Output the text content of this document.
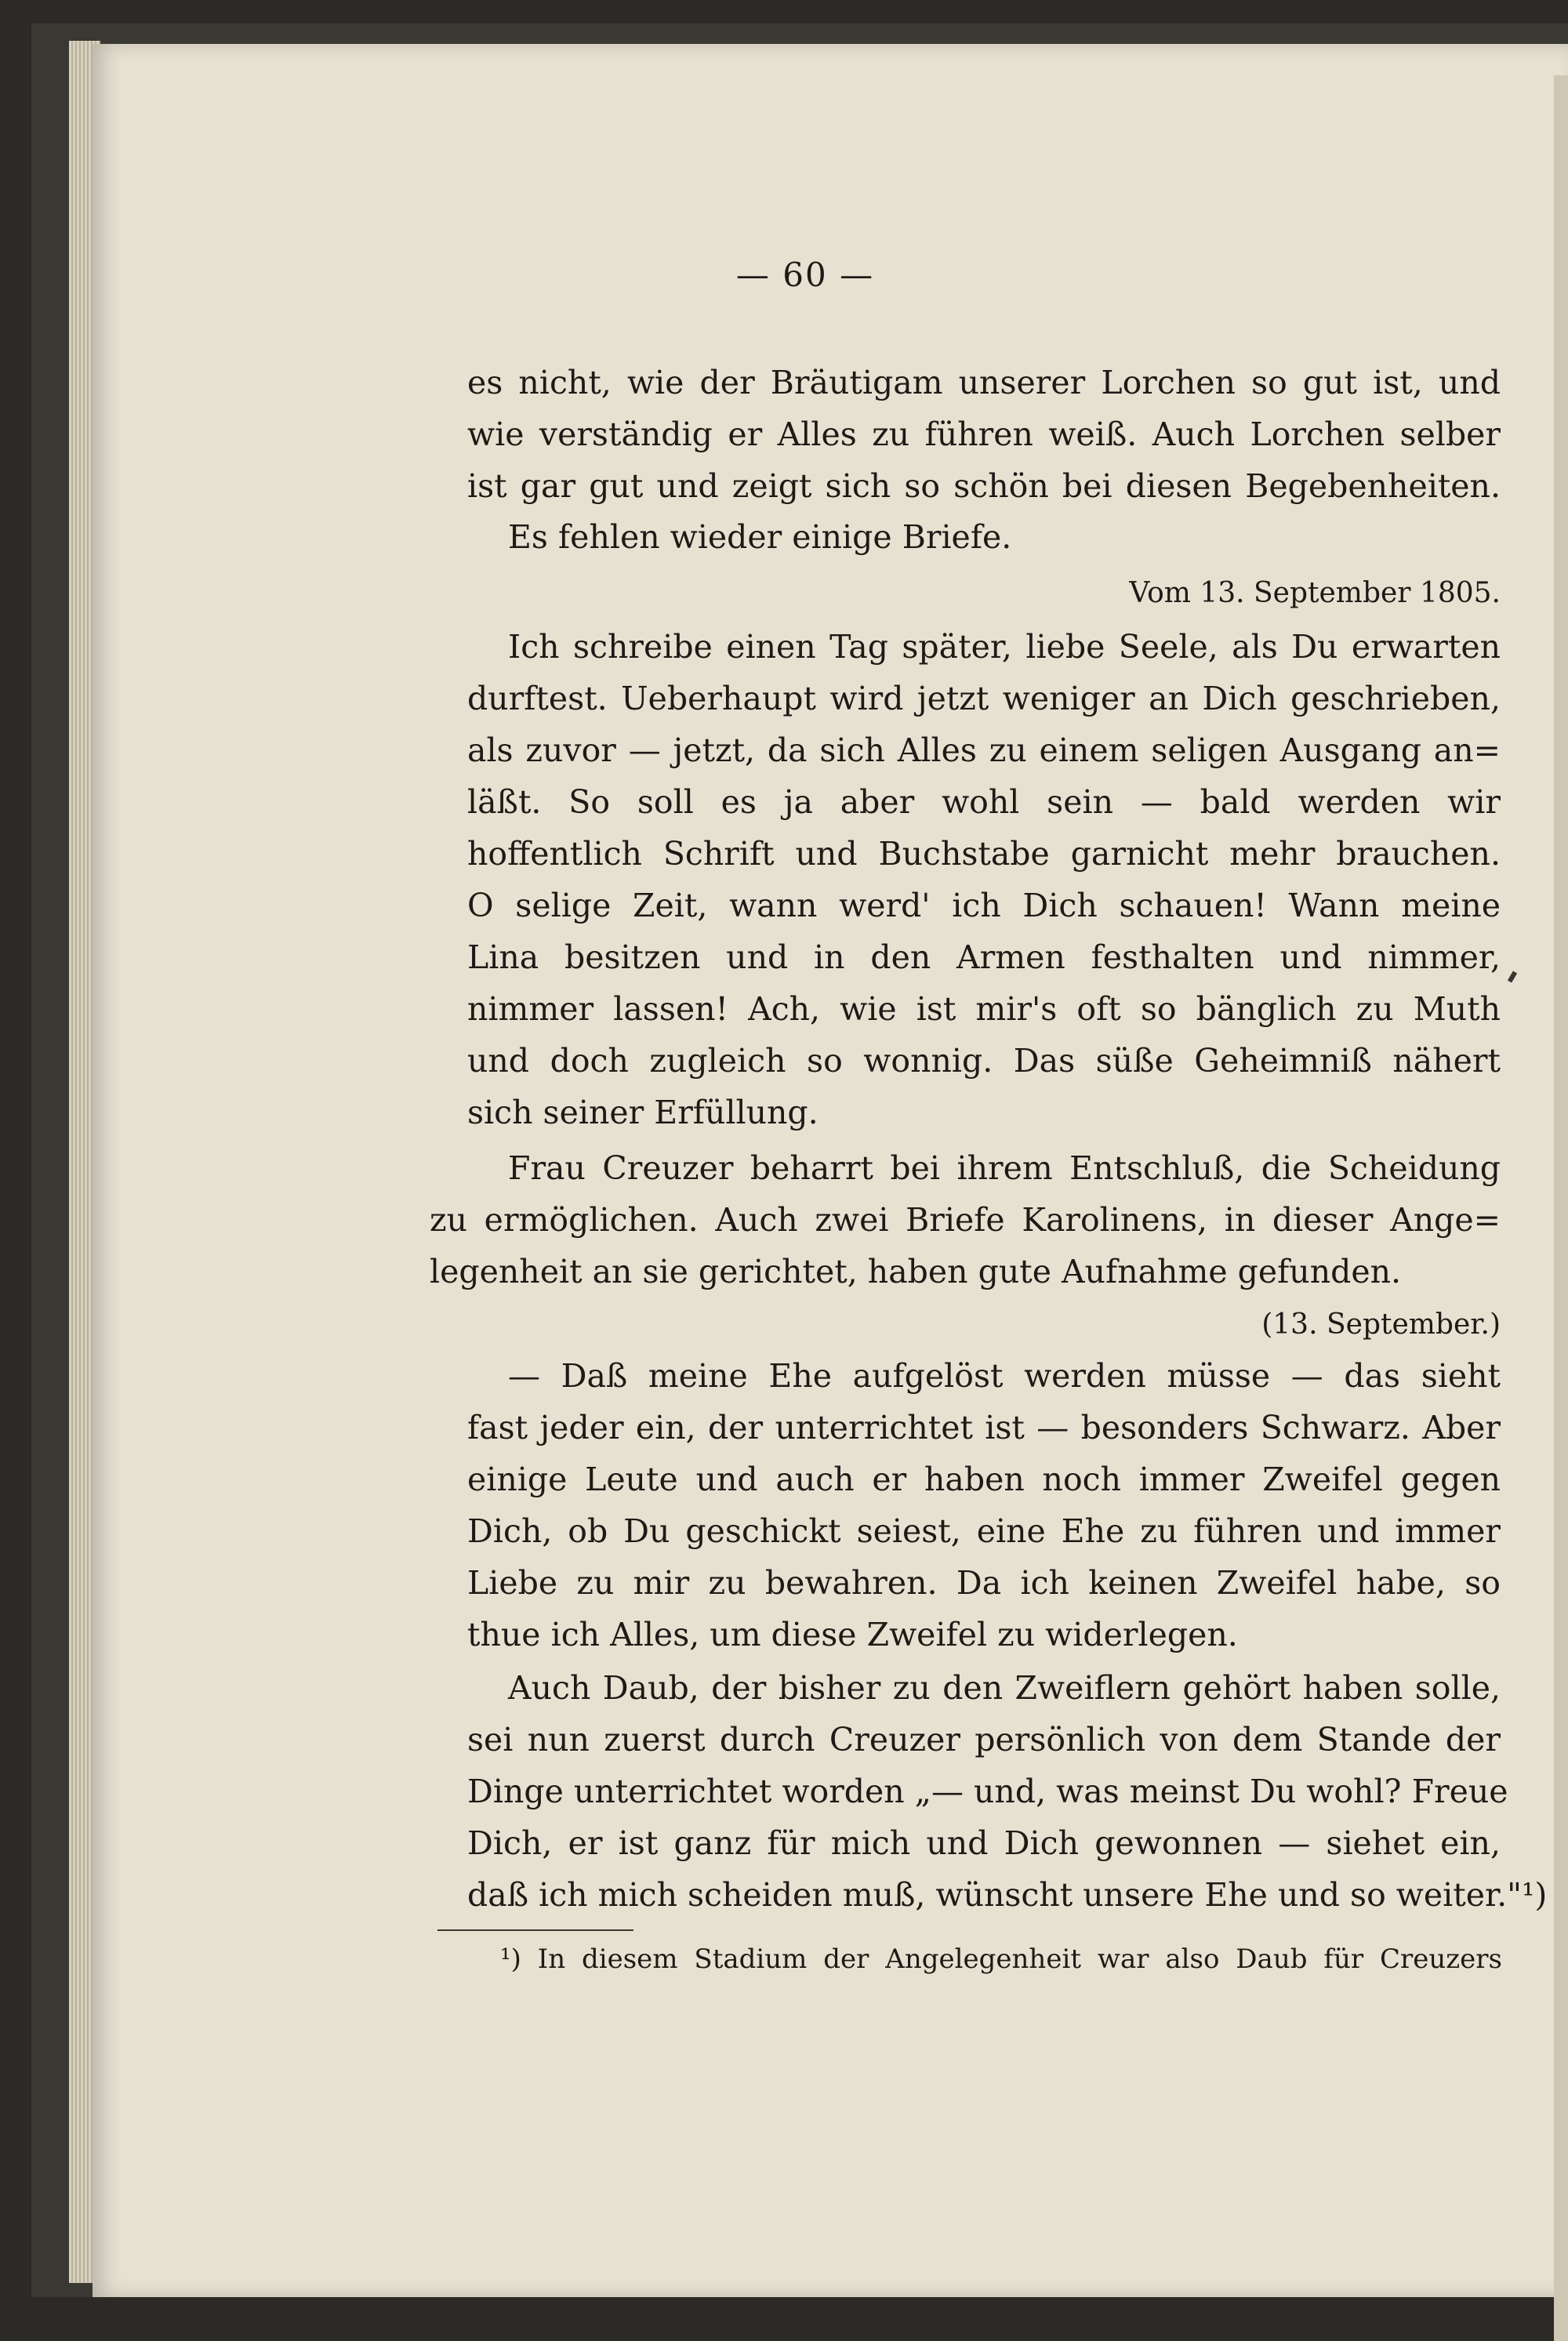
— 60 —
es nicht, wie der Bräutigam unserer Lorchen so gut ist, und
wie verständig er Alles zu führen weiß. Auch Lorchen selber
ist gar gut und zeigt sich so schön bei diesen Begebenheiten.
Es fehlen wieder einige Briefe.
Vom 13. September 1805.
Ich schreibe einen Tag später, liebe Seele, als Du erwarten
durftest. Ueberhaupt wird jetzt weniger an Dich geschrieben,
als zuvor — jetzt, da sich Alles zu einem seligen Ausgang an=
läßt. So soll es ja aber wohl sein — bald werden wir
hoffentlich Schrift und Buchstabe garnicht mehr brauchen.
O selige Zeit, wann werd' ich Dich schauen! Wann meine
Lina besitzen und in den Armen festhalten und nimmer,
nimmer lassen! Ach, wie ist mir's oft so bänglich zu Muth
und doch zugleich so wonnig. Das süße Geheimniß nähert
sich seiner Erfüllung.
Frau Creuzer beharrt bei ihrem Entschluß, die Scheidung
zu ermöglichen. Auch zwei Briefe Karolinens, in dieser Ange=
legenheit an sie gerichtet, haben gute Aufnahme gefunden.
(13. September.)
— Daß meine Ehe aufgelöst werden müsse — das sieht
fast jeder ein, der unterrichtet ist — besonders Schwarz. Aber
einige Leute und auch er haben noch immer Zweifel gegen
Dich, ob Du geschickt seiest, eine Ehe zu führen und immer
Liebe zu mir zu bewahren. Da ich keinen Zweifel habe, so
thue ich Alles, um diese Zweifel zu widerlegen.
Auch Daub, der bisher zu den Zweiflern gehört haben solle,
sei nun zuerst durch Creuzer persönlich von dem Stande der
Dinge unterrichtet worden „— und, was meinst Du wohl? Freue
Dich, er ist ganz für mich und Dich gewonnen — siehet ein,
daß ich mich scheiden muß, wünscht unsere Ehe und so weiter."¹)
¹) In diesem Stadium der Angelegenheit war also Daub für Creuzers
